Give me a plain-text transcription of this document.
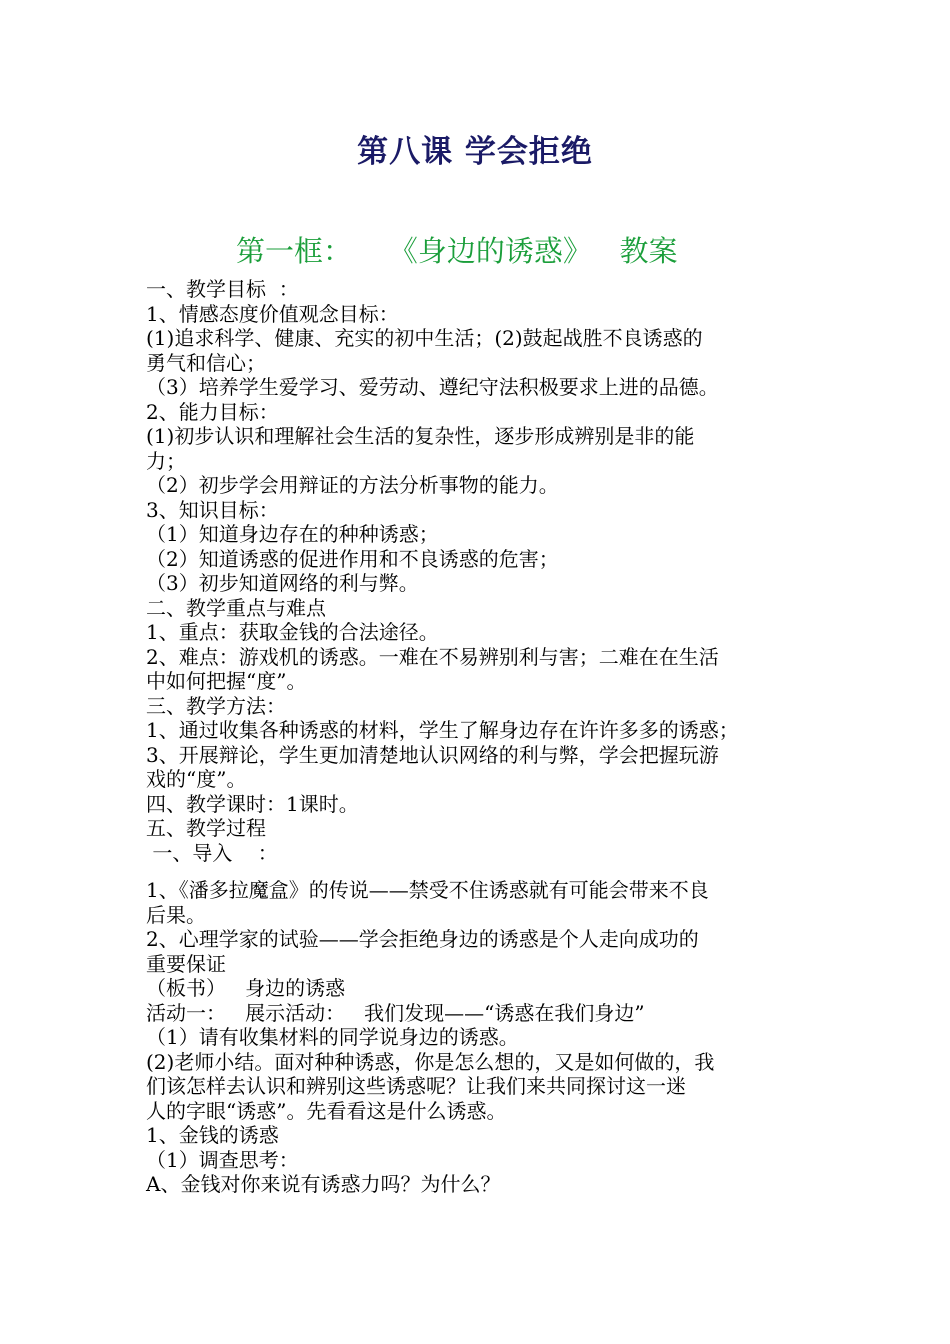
第八课 学会拒绝
第一框：    《身边的诱惑》   教案
一、教学目标  ：
1、情感态度价值观念目标：
(1)追求科学、健康、充实的初中生活；(2)鼓起战胜不良诱惑的
勇气和信心；
（3）培养学生爱学习、爱劳动、遵纪守法积极要求上进的品德。
2、能力目标：
(1)初步认识和理解社会生活的复杂性，逐步形成辨别是非的能
力；
（2）初步学会用辩证的方法分析事物的能力。
3、知识目标：
（1）知道身边存在的种种诱惑；
（2）知道诱惑的促进作用和不良诱惑的危害；
（3）初步知道网络的利与弊。
二、教学重点与难点
1、重点：获取金钱的合法途径。
2、难点：游戏机的诱惑。一难在不易辨别利与害；二难在在生活
中如何把握“度”。
三、教学方法：
1、通过收集各种诱惑的材料，学生了解身边存在许许多多的诱惑；
3、开展辩论，学生更加清楚地认识网络的利与弊，学会把握玩游
戏的“度”。
四、教学课时：1课时。
五、教学过程
一、导入    ：
1、《潘多拉魔盒》的传说——禁受不住诱惑就有可能会带来不良
后果。
2、心理学家的试验——学会拒绝身边的诱惑是个人走向成功的
重要保证
（板书）   身边的诱惑
活动一：   展示活动：   我们发现——“诱惑在我们身边”
（1）请有收集材料的同学说身边的诱惑。
(2)老师小结。面对种种诱惑，你是怎么想的，又是如何做的，我
们该怎样去认识和辨别这些诱惑呢？让我们来共同探讨这一迷
人的字眼“诱惑”。先看看这是什么诱惑。
1、金钱的诱惑
（1）调查思考：
A、金钱对你来说有诱惑力吗？为什么？
